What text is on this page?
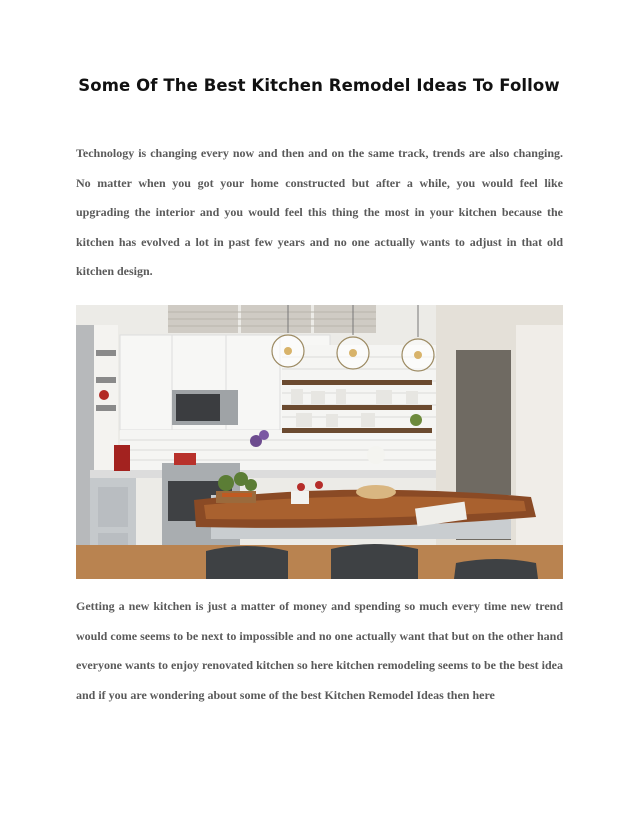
Some Of The Best Kitchen Remodel Ideas To Follow

Technology is changing every now and then and on the same track, trends are also changing. No matter when you got your home constructed but after a while, you would feel like upgrading the interior and you would feel this thing the most in your kitchen because the kitchen has evolved a lot in past few years and no one actually wants to adjust in that old kitchen design.

Getting a new kitchen is just a matter of money and spending so much every time new trend would come seems to be next to impossible and no one actually want that but on the other hand everyone wants to enjoy renovated kitchen so here kitchen remodeling seems to be the best idea and if you are wondering about some of the best Kitchen Remodel Ideas then here
